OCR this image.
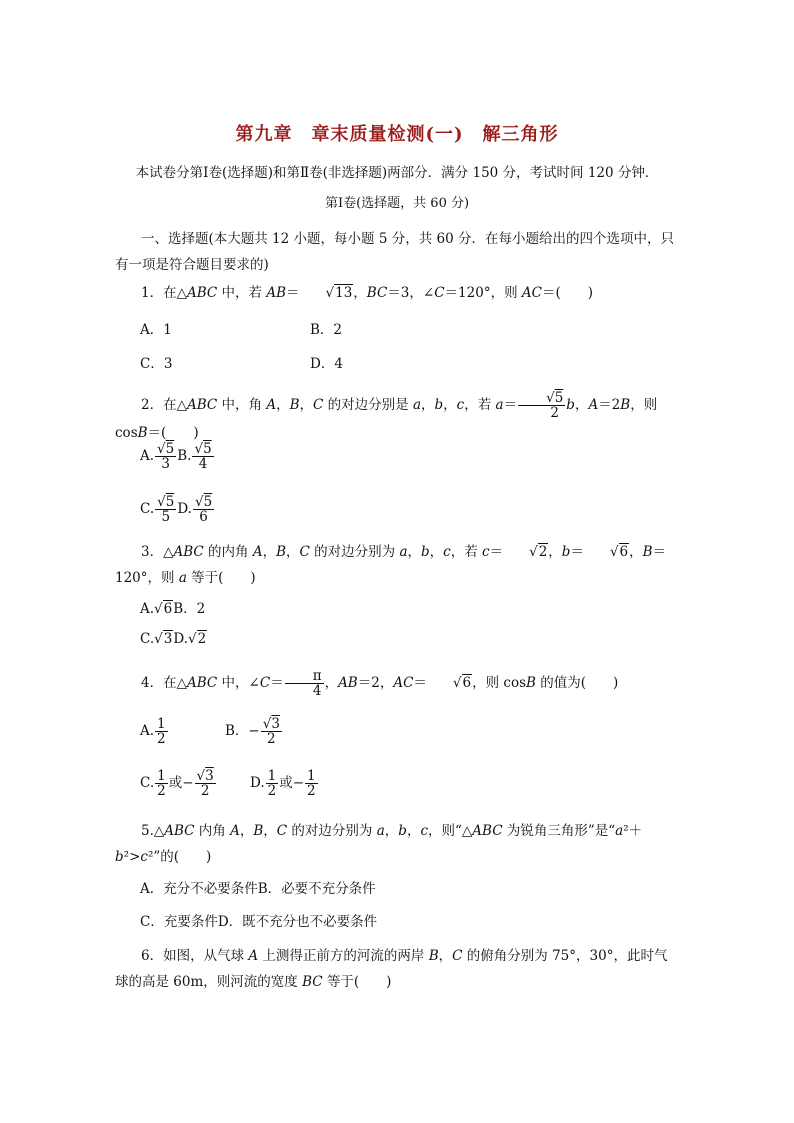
第九章　章末质量检测(一)　解三角形
本试卷分第Ⅰ卷(选择题)和第Ⅱ卷(非选择题)两部分．满分 150 分，考试时间 120 分钟．
第Ⅰ卷(选择题，共 60 分)
一、选择题(本大题共 12 小题，每小题 5 分，共 60 分．在每小题给出的四个选项中，只有一项是符合题目要求的)
1．在△ABC 中，若 AB＝ √13，BC＝3，∠C＝120°，则 AC＝(　　)
A．1	B．2
C．3	D．4
2．在△ABC 中，角 A，B，C 的对边分别是 a，b，c，若 $a= \frac{√5}{2}$ b，A＝2B，则 cosB＝(　　)
A. $\frac{√5}{3} B$. $\frac{√5}{4}$
C. $\frac{√5}{5} D$. $\frac{√5}{6}$
3．△ABC 的内角 A，B，C 的对边分别为 a，b，c，若 c＝ √2，b＝ √6，B＝120°，则 a 等于(　　)
A.√6B．2
C.√3D.√2
4．在△ABC 中，∠C＝ $\frac{\pi}{4}$ ，AB＝2，AC＝ √6，则 cosB 的值为(　　)
A. $\frac{1}{2}$	B．− $\frac{√3}{2}$
C. $\frac{1}{2}$ 或− $\frac{√3}{2}$	D. $\frac{1}{2}$ 或− $\frac{1}{2}$
5.△ABC 内角 A，B，C 的对边分别为 a，b，c，则“△ABC 为锐角三角形”是“a²＋b²>c²”的(　　)
A．充分不必要条件B．必要不充分条件
C．充要条件D．既不充分也不必要条件
6．如图，从气球 A 上测得正前方的河流的两岸 B，C 的俯角分别为 75°，30°，此时气球的高是 60m，则河流的宽度 BC 等于(　　)
